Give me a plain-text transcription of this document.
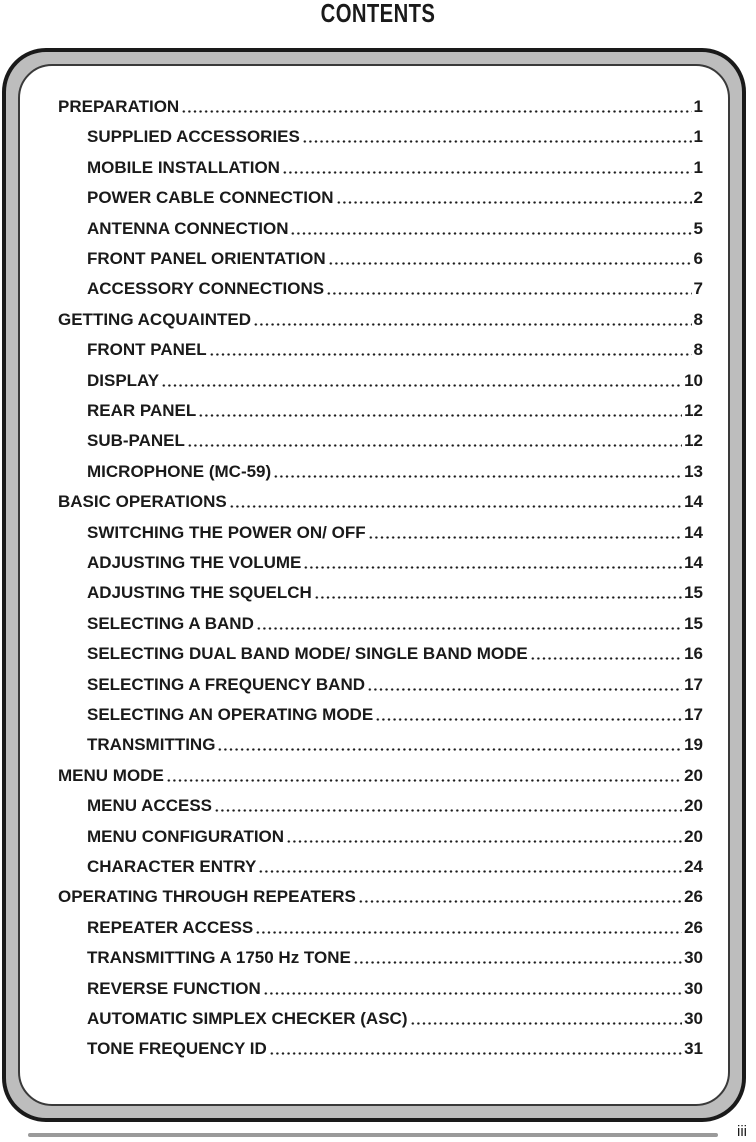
CONTENTS
PREPARATION	1
SUPPLIED ACCESSORIES	1
MOBILE INSTALLATION	1
POWER CABLE CONNECTION	2
ANTENNA CONNECTION	5
FRONT PANEL ORIENTATION	6
ACCESSORY CONNECTIONS	7
GETTING ACQUAINTED	8
FRONT PANEL	8
DISPLAY	10
REAR PANEL	12
SUB-PANEL	12
MICROPHONE (MC-59)	13
BASIC OPERATIONS	14
SWITCHING THE POWER ON/ OFF	14
ADJUSTING THE VOLUME	14
ADJUSTING THE SQUELCH	15
SELECTING A BAND	15
SELECTING DUAL BAND MODE/ SINGLE BAND MODE	16
SELECTING A FREQUENCY BAND	17
SELECTING AN OPERATING MODE	17
TRANSMITTING	19
MENU MODE	20
MENU ACCESS	20
MENU CONFIGURATION	20
CHARACTER ENTRY	24
OPERATING THROUGH REPEATERS	26
REPEATER ACCESS	26
TRANSMITTING A 1750 Hz TONE	30
REVERSE FUNCTION	30
AUTOMATIC SIMPLEX CHECKER (ASC)	30
TONE FREQUENCY ID	31
iii
